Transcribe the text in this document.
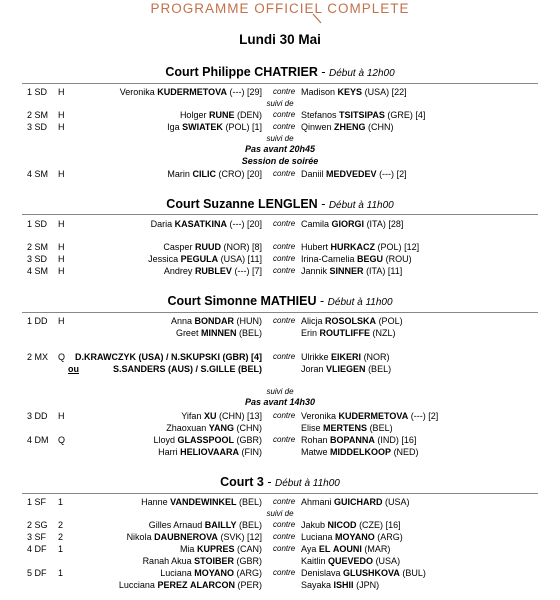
PROGRAMME OFFICIEL COMPLETE
Lundi 30 Mai
Court Philippe CHATRIER - Début à 12h00
1 SD H	Veronika KUDERMETOVA (---) [29] contre Madison KEYS (USA) [22]
suivi de
2 SM H	Holger RUNE (DEN) contre Stefanos TSITSIPAS (GRE) [4]
3 SD H	Iga SWIATEK (POL) [1] contre Qinwen ZHENG (CHN)
suivi de
Pas avant 20h45
Session de soirée
4 SM H	Marin CILIC (CRO) [20] contre Daniil MEDVEDEV (---) [2]
Court Suzanne LENGLEN - Début à 11h00
1 SD H	Daria KASATKINA (---) [20] contre Camila GIORGI (ITA) [28]
2 SM H	Casper RUUD (NOR) [8] contre Hubert HURKACZ (POL) [12]
3 SD H	Jessica PEGULA (USA) [11] contre Irina-Camelia BEGU (ROU)
4 SM H	Andrey RUBLEV (---) [7] contre Jannik SINNER (ITA) [11]
Court Simonne MATHIEU - Début à 11h00
1 DD H	Anna BONDAR (HUN) contre Alicja ROSOLSKA (POL)
Greet MINNEN (BEL)	Erin ROUTLIFFE (NZL)
2 MX Q D.KRAWCZYK (USA) / N.SKUPSKI (GBR) [4] contre Ulrikke EIKERI (NOR)
ou	S.SANDERS (AUS) / S.GILLE (BEL)	Joran VLIEGEN (BEL)
suivi de
Pas avant 14h30
3 DD H	Yifan XU (CHN) [13] contre Veronika KUDERMETOVA (---) [2]
Zhaoxuan YANG (CHN)	Elise MERTENS (BEL)
4 DM Q	Lloyd GLASSPOOL (GBR) contre Rohan BOPANNA (IND) [16]
Harri HELIOVAARA (FIN)	Matwe MIDDELKOOP (NED)
Court 3 - Début à 11h00
1 SF 1	Hanne VANDEWINKEL (BEL) contre Ahmani GUICHARD (USA)
suivi de
2 SG 2	Gilles Arnaud BAILLY (BEL) contre Jakub NICOD (CZE) [16]
3 SF 2	Nikola DAUBNEROVA (SVK) [12] contre Luciana MOYANO (ARG)
4 DF 1	Mia KUPRES (CAN) contre Aya EL AOUNI (MAR)
Ranah Akua STOIBER (GBR)	Kaitlin QUEVEDO (USA)
5 DF 1	Luciana MOYANO (ARG) contre Denislava GLUSHKOVA (BUL)
Lucciana PEREZ ALARCON (PER)	Sayaka ISHII (JPN)
